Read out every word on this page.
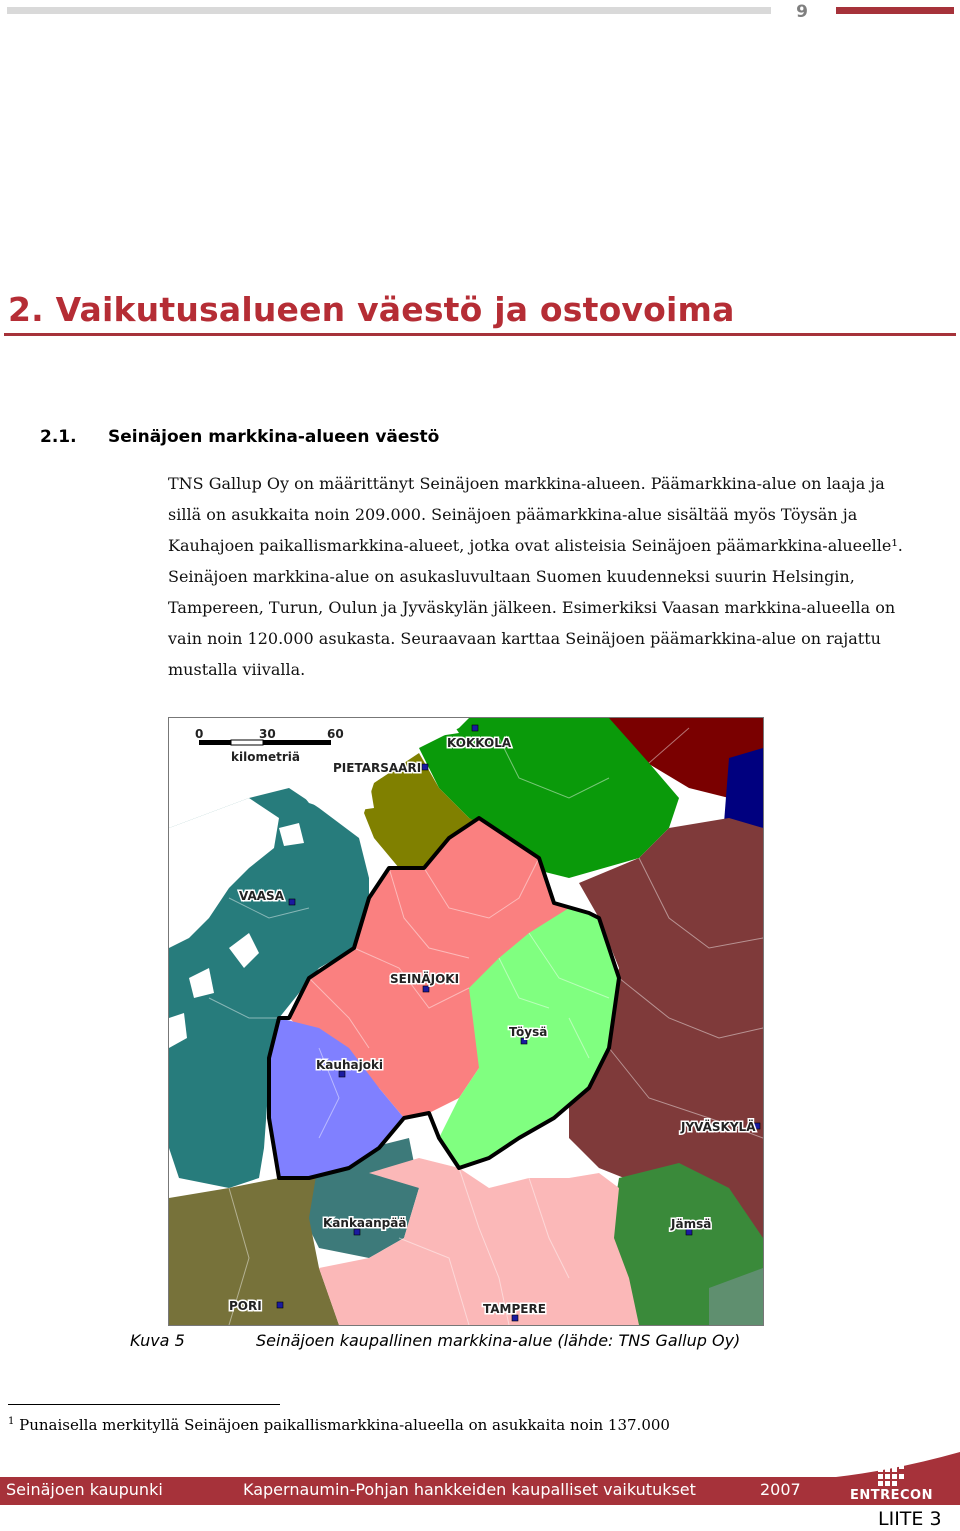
9
2. Vaikutusalueen väestö ja ostovoima
2.1. Seinäjoen markkina-alueen väestö
TNS Gallup Oy on määrittänyt Seinäjoen markkina-alueen. Päämarkkina-alue on laaja ja
sillä on asukkaita noin 209.000. Seinäjoen päämarkkina-alue sisältää myös Töysän ja
Kauhajoen paikallismarkkina-alueet, jotka ovat alisteisia Seinäjoen päämarkkina-alueelle¹.
Seinäjoen markkina-alue on asukasluvultaan Suomen kuudenneksi suurin Helsingin,
Tampereen, Turun, Oulun ja Jyväskylän jälkeen. Esimerkiksi Vaasan markkina-alueella on
vain noin 120.000 asukasta. Seuraavaan karttaa Seinäjoen päämarkkina-alue on rajattu
mustalla viivalla.
0	30	60
kilometriä
PIETARSAARI
KOKKOLA
VAASA
SEINÄJOKI
Töysä
Kauhajoki
JYVÄSKYLÄ
Kankaanpää	Jämsä
PORI	TAMPERE
Kuva 5	Seinäjoen kaupallinen markkina-alue (lähde: TNS Gallup Oy)
$^1$ Punaisella merkityllä Seinäjoen paikallismarkkina-alueella on asukkaita noin 137.000
Seinäjoen kaupunki	Kapernaumin-Pohjan hankkeiden kaupalliset vaikutukset	2007	ENTRECON
LIITE 3
